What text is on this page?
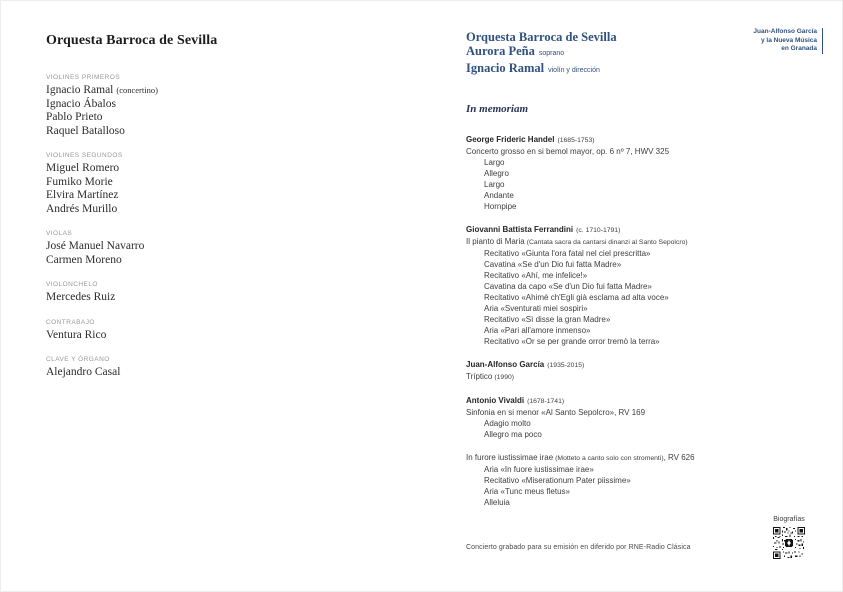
Orquesta Barroca de Sevilla
VIOLINES PRIMEROS
Ignacio Ramal (concertino)
Ignacio Ábalos
Pablo Prieto
Raquel Batalloso
VIOLINES SEGUNDOS
Miguel Romero
Fumiko Morie
Elvira Martínez
Andrés Murillo
VIOLAS
José Manuel Navarro
Carmen Moreno
VIOLONCHELO
Mercedes Ruiz
CONTRABAJO
Ventura Rico
CLAVE Y ÓRGANO
Alejandro Casal
Juan-Alfonso García
y la Nueva Música
en Granada
Orquesta Barroca de Sevilla
Aurora Peña soprano
Ignacio Ramal violín y dirección
In memoriam
George Frideric Handel (1685-1753)
Concerto grosso en si bemol mayor, op. 6 nº 7, HWV 325
Largo
Allegro
Largo
Andante
Hornpipe
Giovanni Battista Ferrandini (c. 1710-1791)
Il pianto di Maria (Cantata sacra da cantarsi dinanzi al Santo Sepolcro)
Recitativo «Giunta l'ora fatal nel ciel prescritta»
Cavatina «Se d'un Dio fui fatta Madre»
Recitativo «Ahí, me infelice!»
Cavatina da capo «Se d'un Dio fui fatta Madre»
Recitativo «Ahimè ch'Egli già esclama ad alta voce»
Aria «Sventurati miei sospiri»
Recitativo «Sì disse la gran Madre»
Aria «Pari all'amore inmenso»
Recitativo «Or se per grande orror tremò la terra»
Juan-Alfonso García (1935-2015)
Tríptico (1990)
Antonio Vivaldi (1678-1741)
Sinfonia en si menor «Al Santo Sepolcro», RV 169
Adagio molto
Allegro ma poco
In furore iustissimae irae (Motteto a canto solo con stromenti), RV 626
Aria «In fuore iustissimae irae»
Recitativo «Miserationum Pater piissime»
Aria «Tunc meus fletus»
Alleluia
Biografías
Concierto grabado para su emisión en diferido por RNE-Radio Clásica
